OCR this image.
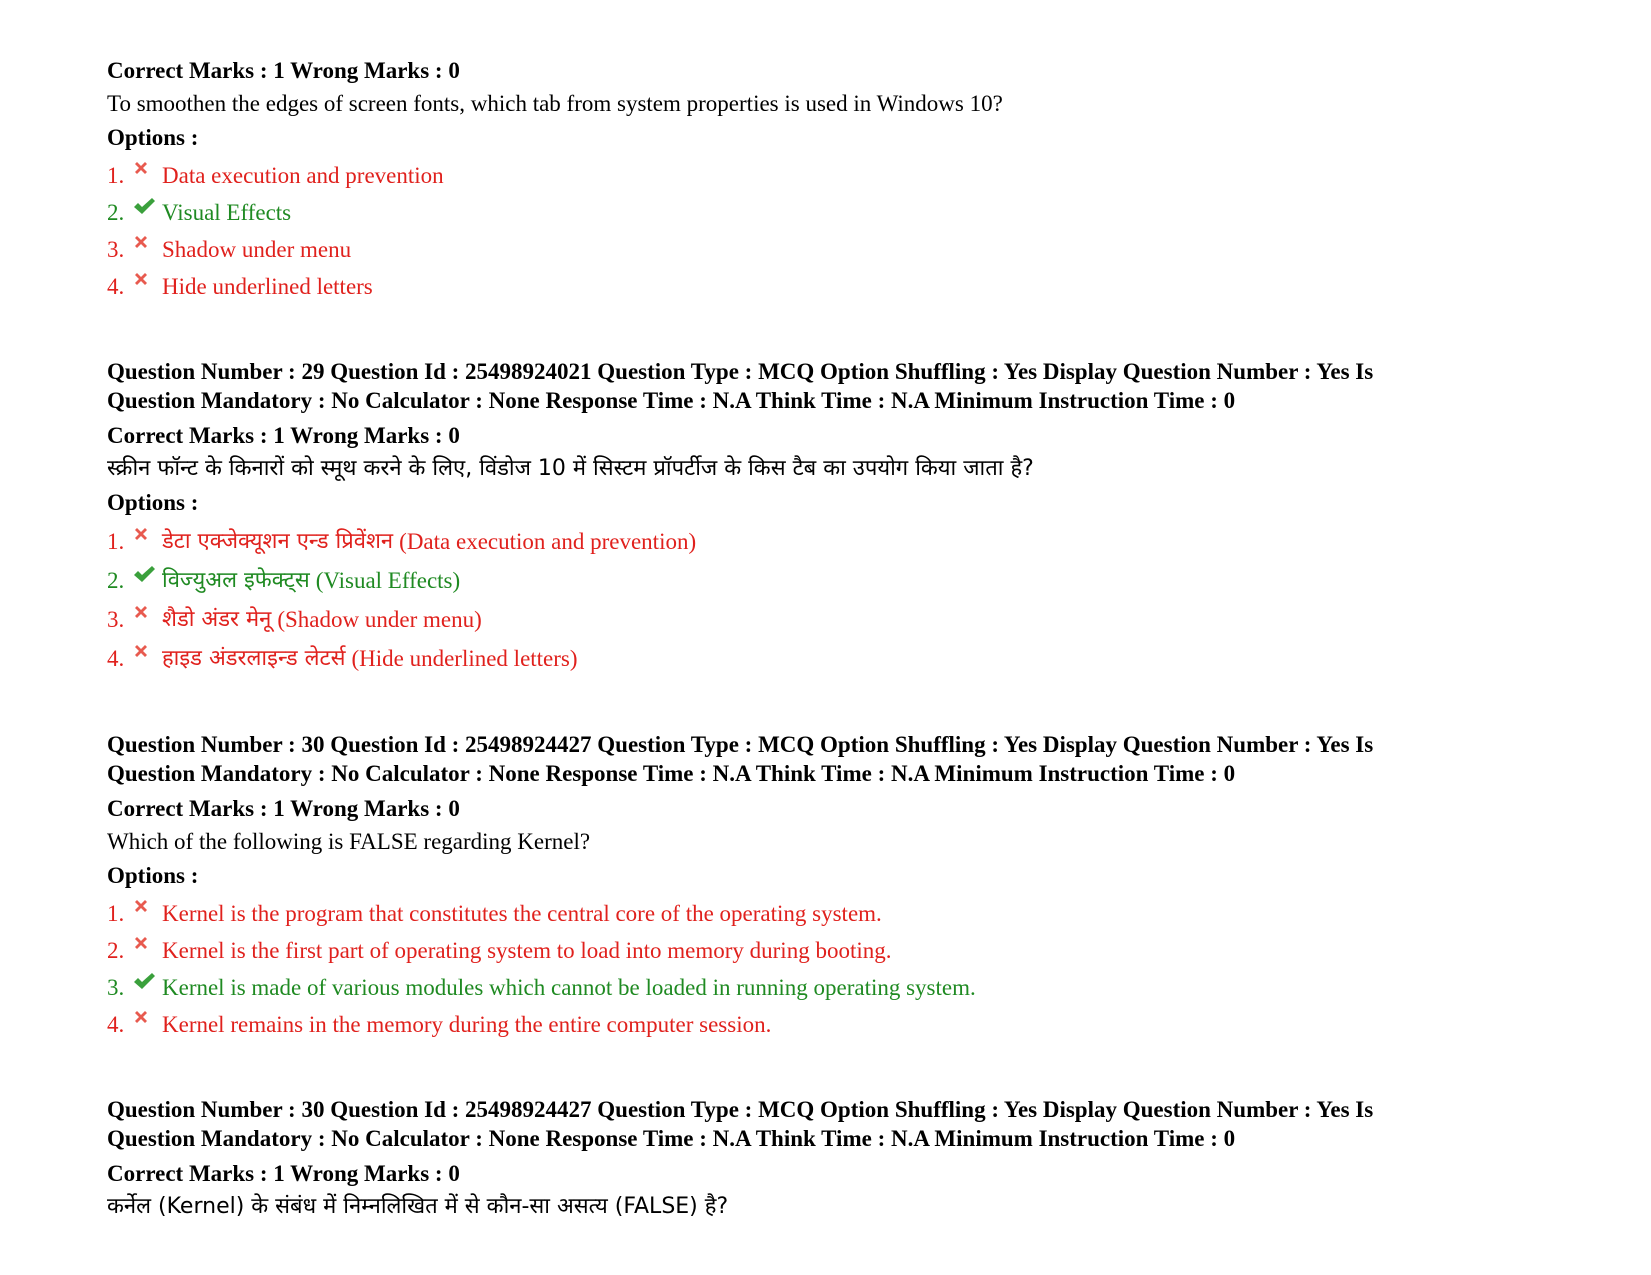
Correct Marks : 1 Wrong Marks : 0

To smoothen the edges of screen fonts, which tab from system properties is used in Windows 10?

Options :

1.	Data execution and prevention
2.	Visual Effects
3.	Shadow under menu
4.	Hide underlined letters

Question Number : 29 Question Id : 25498924021 Question Type : MCQ Option Shuffling : Yes Display Question Number : Yes Is

Question Mandatory : No Calculator : None Response Time : N.A Think Time : N.A Minimum Instruction Time : 0

Correct Marks : 1 Wrong Marks : 0

स्क्रीन फॉन्ट के किनारों को स्मूथ करने के लिए, विंडोज 10 में सिस्टम प्रॉपर्टीज के किस टैब का उपयोग किया जाता है?

Options :

1.	डेटा एक्जेक्यूशन एन्ड प्रिवेंशन (Data execution and prevention)
2.	विज्युअल इफेक्ट्स (Visual Effects)
3.	शैडो अंडर मेनू (Shadow under menu)
4.	हाइड अंडरलाइन्ड लेटर्स (Hide underlined letters)

Question Number : 30 Question Id : 25498924427 Question Type : MCQ Option Shuffling : Yes Display Question Number : Yes Is

Question Mandatory : No Calculator : None Response Time : N.A Think Time : N.A Minimum Instruction Time : 0

Correct Marks : 1 Wrong Marks : 0

Which of the following is FALSE regarding Kernel?

Options :

1.	Kernel is the program that constitutes the central core of the operating system.
2.	Kernel is the first part of operating system to load into memory during booting.
3.	Kernel is made of various modules which cannot be loaded in running operating system.
4.	Kernel remains in the memory during the entire computer session.

Question Number : 30 Question Id : 25498924427 Question Type : MCQ Option Shuffling : Yes Display Question Number : Yes Is

Question Mandatory : No Calculator : None Response Time : N.A Think Time : N.A Minimum Instruction Time : 0

Correct Marks : 1 Wrong Marks : 0

कर्नेल (Kernel) के संबंध में निम्नलिखित में से कौन-सा असत्य (FALSE) है?
